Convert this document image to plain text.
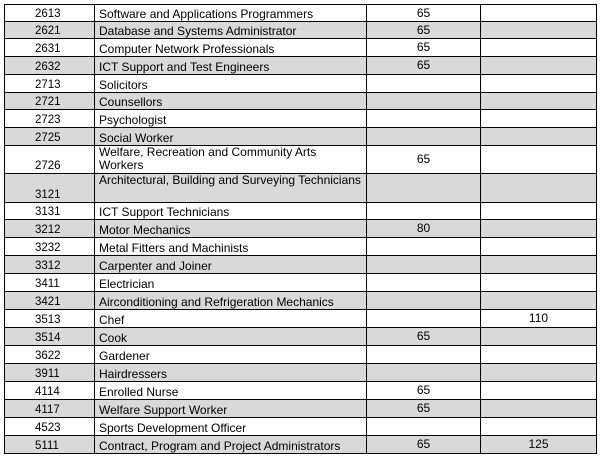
2613	Software and Applications Programmers	65	
2621	Database and Systems Administrator	65	
2631	Computer Network Professionals	65	
2632	ICT Support and Test Engineers	65	
2713	Solicitors		
2721	Counsellors		
2723	Psychologist		
2725	Social Worker		
2726	Welfare, Recreation and Community Arts Workers	65	
3121	Architectural, Building and Surveying Technicians		
3131	ICT Support Technicians		
3212	Motor Mechanics	80	
3232	Metal Fitters and Machinists		
3312	Carpenter and Joiner		
3411	Electrician		
3421	Airconditioning and Refrigeration Mechanics		
3513	Chef		110
3514	Cook	65	
3622	Gardener		
3911	Hairdressers		
4114	Enrolled Nurse	65	
4117	Welfare Support Worker	65	
4523	Sports Development Officer		
5111	Contract, Program and Project Administrators	65	125
